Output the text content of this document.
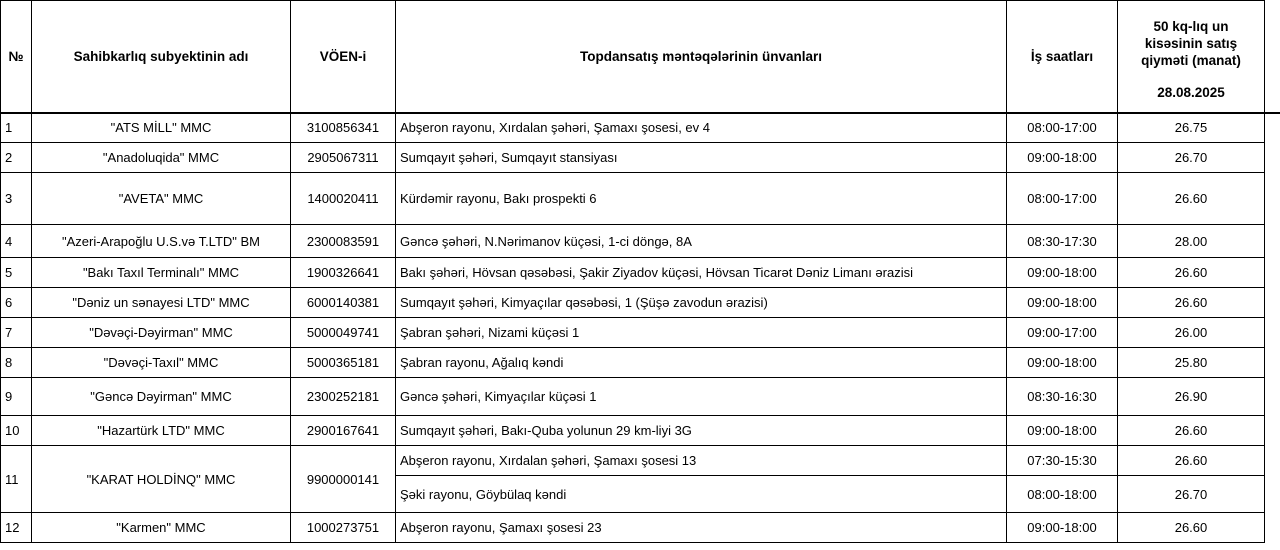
№	Sahibkarlıq subyektinin adı	VÖEN-i	Topdansatış məntəqələrinin ünvanları	İş saatları	50 kq-lıq un
kisəsinin satış
qiyməti (manat)
28.08.2025	

1	"ATS MİLL" MMC	3100856341	Abşeron rayonu, Xırdalan şəhəri, Şamaxı şosesi, ev 4	08:00-17:00	26.75	
2	"Anadoluqida" MMC	2905067311	Sumqayıt şəhəri, Sumqayıt stansiyası	09:00-18:00	26.70	
3	"AVETA" MMC	1400020411	Kürdəmir rayonu, Bakı prospekti 6	08:00-17:00	26.60	
4	"Azeri-Arapoğlu U.S.və T.LTD" BM	2300083591	Gəncə şəhəri, N.Nərimanov küçəsi, 1-ci döngə, 8A	08:30-17:30	28.00	
5	"Bakı Taxıl Terminalı" MMC	1900326641	Bakı şəhəri, Hövsan qəsəbəsi, Şakir Ziyadov küçəsi, Hövsan Ticarət Dəniz Limanı ərazisi	09:00-18:00	26.60	
6	"Dəniz un sənayesi LTD" MMC	6000140381	Sumqayıt şəhəri, Kimyaçılar qəsəbəsi, 1 (Şüşə zavodun ərazisi)	09:00-18:00	26.60	
7	"Dəvəçi-Dəyirman" MMC	5000049741	Şabran şəhəri, Nizami küçəsi 1	09:00-17:00	26.00	
8	"Dəvəçi-Taxıl" MMC	5000365181	Şabran rayonu, Ağalıq kəndi	09:00-18:00	25.80	
9	"Gəncə Dəyirman" MMC	2300252181	Gəncə şəhəri, Kimyaçılar küçəsi 1	08:30-16:30	26.90	
10	"Hazartürk LTD" MMC	2900167641	Sumqayıt şəhəri, Bakı-Quba yolunun 29 km-liyi 3G	09:00-18:00	26.60	
11	"KARAT HOLDİNQ" MMC	9900000141	Abşeron rayonu, Xırdalan şəhəri, Şamaxı şosesi 13	07:30-15:30	26.60	
			Şəki rayonu, Göybülaq kəndi	08:00-18:00	26.70	
12	"Karmen" MMC	1000273751	Abşeron rayonu, Şamaxı şosesi 23	09:00-18:00	26.60	
